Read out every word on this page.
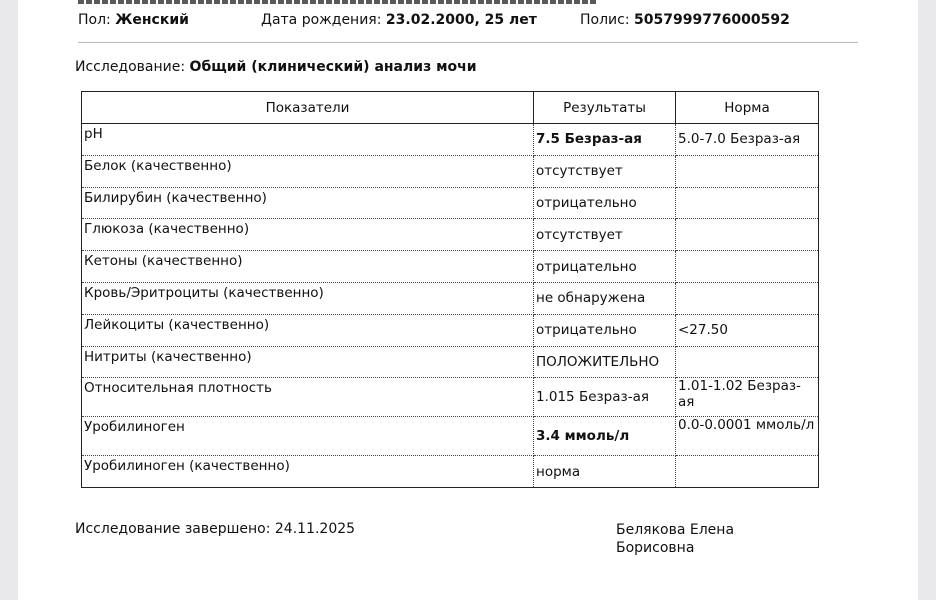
Пол: Женский	Дата рождения: 23.02.2000, 25 лет	Полис: 5057999776000592
Исследование: Общий (клинический) анализ мочи
Показатели	Результаты	Норма
pH	7.5 Безраз-ая	5.0-7.0 Безраз-ая
Белок (качественно)	отсутствует	
Билирубин (качественно)	отрицательно	
Глюкоза (качественно)	отсутствует	
Кетоны (качественно)	отрицательно	
Кровь/Эритроциты (качественно)	не обнаружена	
Лейкоциты (качественно)	отрицательно	<27.50
Нитриты (качественно)	ПОЛОЖИТЕЛЬНО	
Относительная плотность	1.015 Безраз-ая	1.01-1.02 Безраз-ая
Уробилиноген	3.4 ммоль/л	0.0-0.0001 ммоль/л
Уробилиноген (качественно)	норма	
Исследование завершено: 24.11.2025	Белякова Елена Борисовна
